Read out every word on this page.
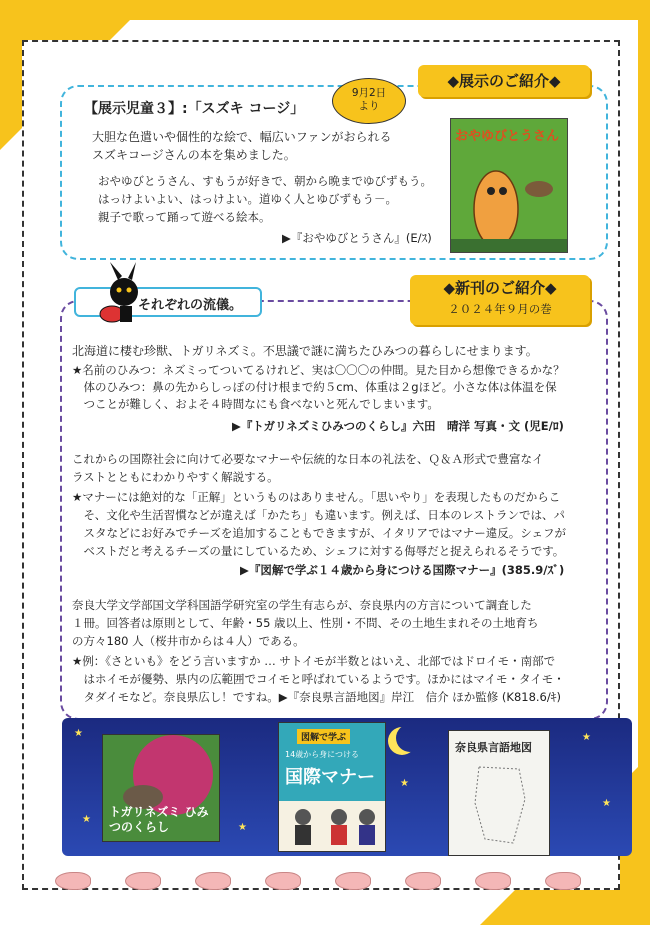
◆展示のご紹介◆
【展示児童３】:「スズキ コージ」
9月2日
より
大胆な色遣いや個性的な絵で、幅広いファンがおられる
スズキコージさんの本を集めました。
おやゆびとうさん、すもうが好きで、朝から晩までゆびずもう。
はっけよいよい、はっけよい。道ゆく人とゆびずもう－。
親子で歌って踊って遊べる絵本。
▶『おやゆびとうさん』(E/ｽ)
おやゆびとうさん
◆新刊のご紹介◆
２０２４年９月の巻
それぞれの流儀。
北海道に棲む珍獣、トガリネズミ。不思議で謎に満ちたひみつの暮らしにせまります。
★名前のひみつ：ネズミってついてるけれど、実は〇〇〇の仲間。見た目から想像できるかな？
　体のひみつ：鼻の先からしっぽの付け根まで約５cm、体重は２gほど。小さな体は体温を保
　つことが難しく、およそ４時間なにも食べないと死んでしまいます。
▶『トガリネズミひみつのくらし』六田　晴洋 写真・文 (児E/ﾛ)
これからの国際社会に向けて必要なマナーや伝統的な日本の礼法を、Ｑ＆Ａ形式で豊富なイ
ラストとともにわかりやすく解説する。
★マナーには絶対的な「正解」というものはありません。「思いやり」を表現したものだからこ
　そ、文化や生活習慣などが違えば「かたち」も違います。例えば、日本のレストランでは、パ
　スタなどにお好みでチーズを追加することもできますが、イタリアではマナー違反。シェフが
　ベストだと考えるチーズの量にしているため、シェフに対する侮辱だと捉えられるそうです。
▶『図解で学ぶ１４歳から身につける国際マナー』(385.9/ｽﾞ)
奈良大学文学部国文学科国語学研究室の学生有志らが、奈良県内の方言について調査した
１冊。回答者は原則として、年齢・55 歳以上、性別・不問、その土地生まれその土地育ち
の方々180 人（桜井市からは４人）である。
★例：《さといも》をどう言いますか … サトイモが半数とはいえ、北部ではドロイモ・南部で
　はホイモが優勢、県内の広範囲でコイモと呼ばれているようです。ほかにはマイモ・タイモ・
　タダイモなど。奈良県広し！ですね。▶『奈良県言語地図』岸江　信介 ほか監修 (K818.6/ｷ)
★
★
★
★
★
★
トガリネズミ ひみつのくらし
図解で学ぶ
14歳から身につける
国際マナー
奈良県言語地図
